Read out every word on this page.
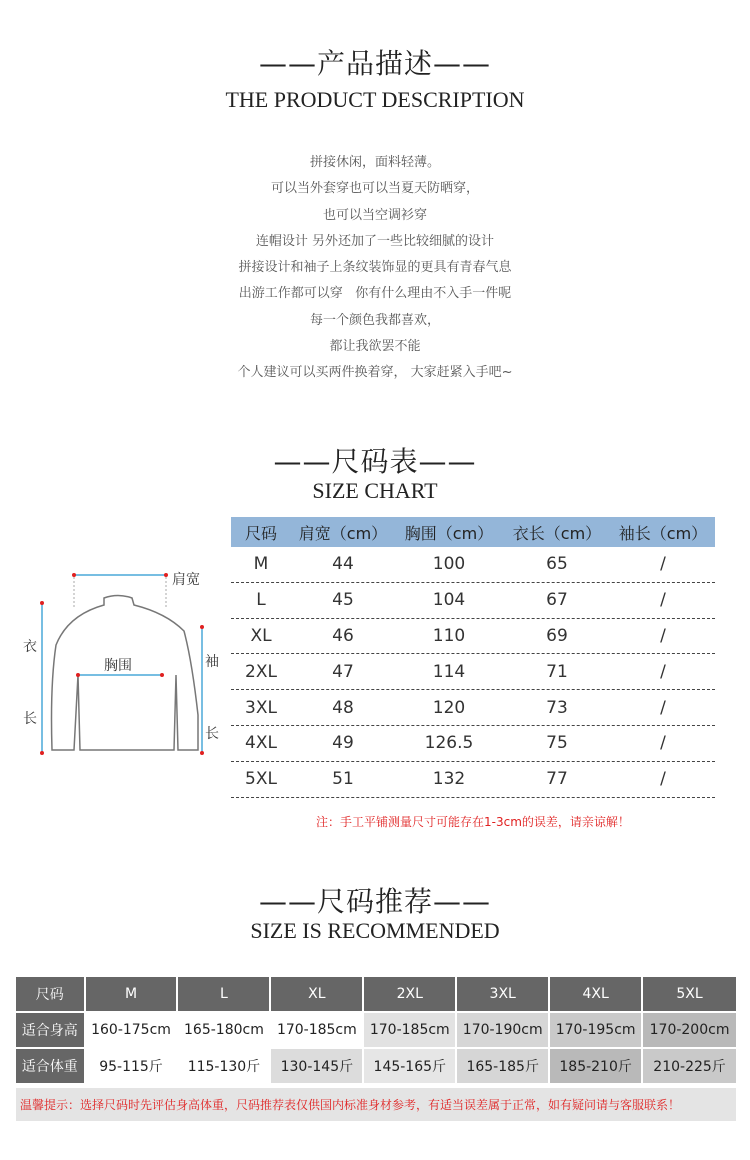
——产品描述——
THE PRODUCT DESCRIPTION
拼接休闲，面料轻薄。
可以当外套穿也可以当夏天防晒穿，
也可以当空调衫穿
连帽设计 另外还加了一些比较细腻的设计
拼接设计和袖子上条纹装饰显的更具有青春气息
出游工作都可以穿   你有什么理由不入手一件呢
每一个颜色我都喜欢，
都让我欲罢不能
个人建议可以买两件换着穿， 大家赶紧入手吧~
——尺码表——
SIZE CHART
肩宽
胸围
衣
长
袖
长
尺码	肩宽（cm）	胸围（cm）	衣长（cm）	袖长（cm）
M	44	100	65	/
L	45	104	67	/
XL	46	110	69	/
2XL	47	114	71	/
3XL	48	120	73	/
4XL	49	126.5	75	/
5XL	51	132	77	/
注：手工平铺测量尺寸可能存在1-3cm的误差，请亲谅解！
——尺码推荐——
SIZE IS RECOMMENDED
尺码	M	L	XL	2XL	3XL	4XL	5XL
适合身高 160-175cm 165-180cm 170-185cm 170-185cm 170-190cm 170-195cm	170-200cm
适合体重	95-115斤	115-130斤	130-145斤	145-165斤	165-185斤	185-210斤	210-225斤
温馨提示：选择尺码时先评估身高体重，尺码推荐表仅供国内标准身材参考，有适当误差属于正常，如有疑问请与客服联系！
